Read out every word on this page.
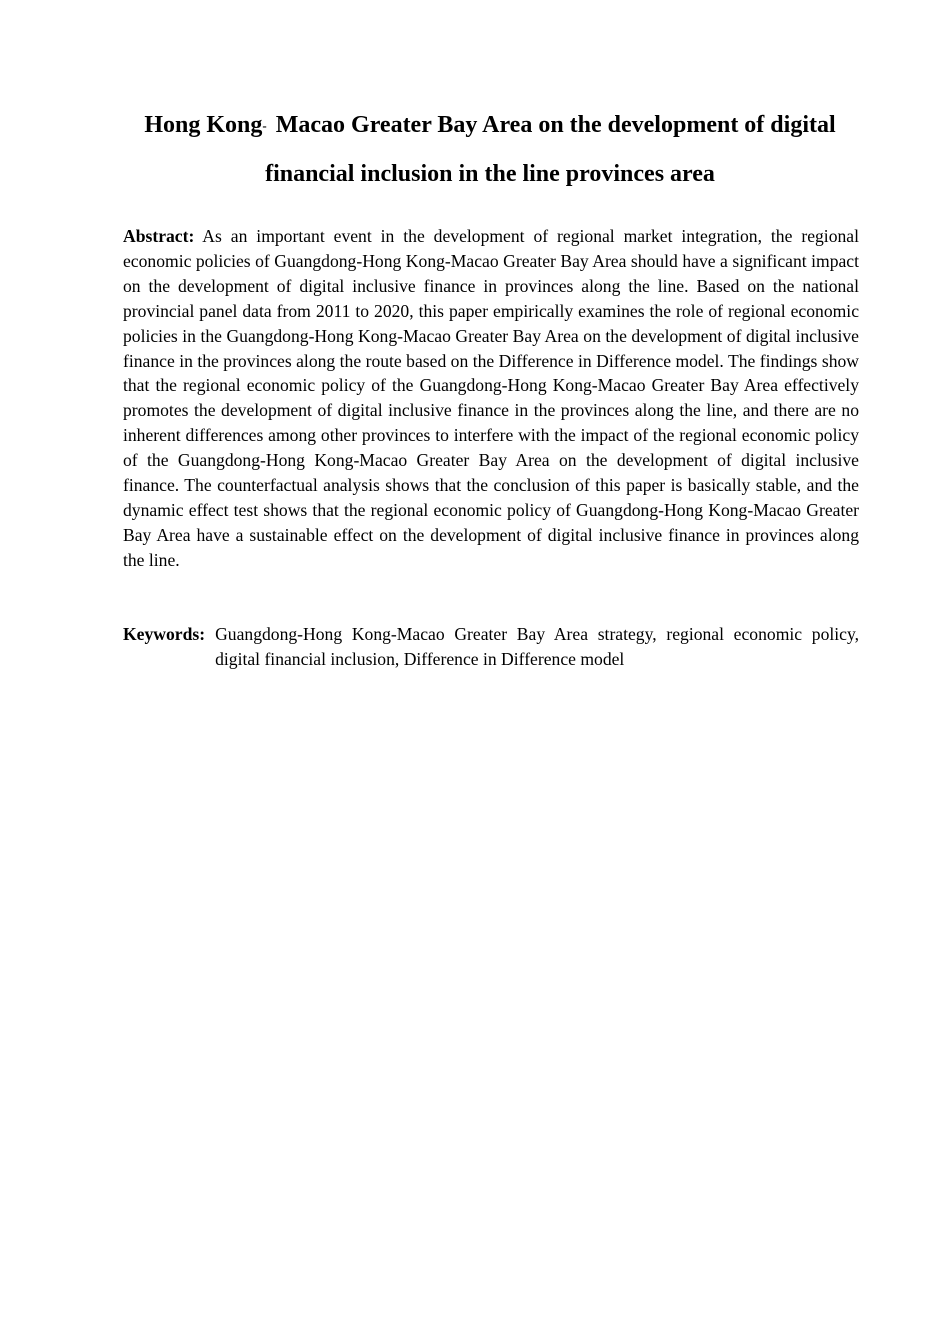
Hong Kong- Macao Greater Bay Area on the development of digital financial inclusion in the line provinces area

Abstract: As an important event in the development of regional market integration, the regional economic policies of Guangdong-Hong Kong-Macao Greater Bay Area should have a significant impact on the development of digital inclusive finance in provinces along the line. Based on the national provincial panel data from 2011 to 2020, this paper empirically examines the role of regional economic policies in the Guangdong-Hong Kong-Macao Greater Bay Area on the development of digital inclusive finance in the provinces along the route based on the Difference in Difference model. The findings show that the regional economic policy of the Guangdong-Hong Kong-Macao Greater Bay Area effectively promotes the development of digital inclusive finance in the provinces along the line, and there are no inherent differences among other provinces to interfere with the impact of the regional economic policy of the Guangdong-Hong Kong-Macao Greater Bay Area on the development of digital inclusive finance. The counterfactual analysis shows that the conclusion of this paper is basically stable, and the dynamic effect test shows that the regional economic policy of Guangdong-Hong Kong-Macao Greater Bay Area have a sustainable effect on the development of digital inclusive finance in provinces along the line.

Keywords: Guangdong-Hong Kong-Macao Greater Bay Area strategy, regional economic policy, digital financial inclusion, Difference in Difference model
